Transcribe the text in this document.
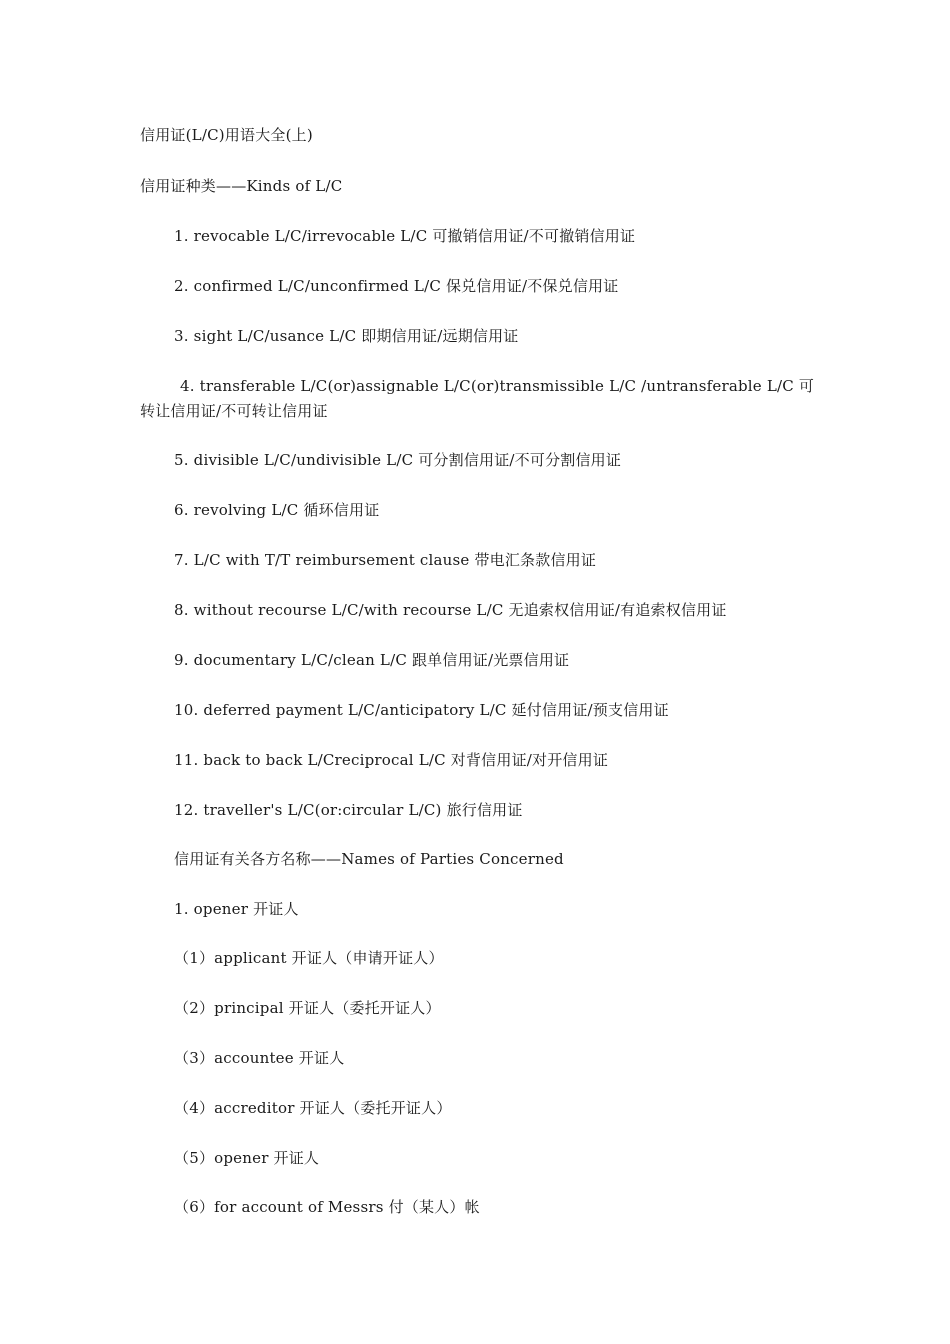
信用证(L/C)用语大全(上)
信用证种类——Kinds of L/C
1. revocable L/C/irrevocable L/C 可撤销信用证/不可撤销信用证
2. confirmed L/C/unconfirmed L/C 保兑信用证/不保兑信用证
3. sight L/C/usance L/C 即期信用证/远期信用证
4. transferable L/C(or)assignable L/C(or)transmissible L/C /untransferable L/C 可转让信用证/不可转让信用证
5. divisible L/C/undivisible L/C 可分割信用证/不可分割信用证
6. revolving L/C 循环信用证
7. L/C with T/T reimbursement clause 带电汇条款信用证
8. without recourse L/C/with recourse L/C 无追索权信用证/有追索权信用证
9. documentary L/C/clean L/C 跟单信用证/光票信用证
10. deferred payment L/C/anticipatory L/C 延付信用证/预支信用证
11. back to back L/Creciprocal L/C 对背信用证/对开信用证
12. traveller's L/C(or:circular L/C) 旅行信用证
信用证有关各方名称——Names of Parties Concerned
1. opener 开证人
（1）applicant 开证人（申请开证人）
（2）principal 开证人（委托开证人）
（3）accountee 开证人
（4）accreditor 开证人（委托开证人）
（5）opener 开证人
（6）for account of Messrs 付（某人）帐
